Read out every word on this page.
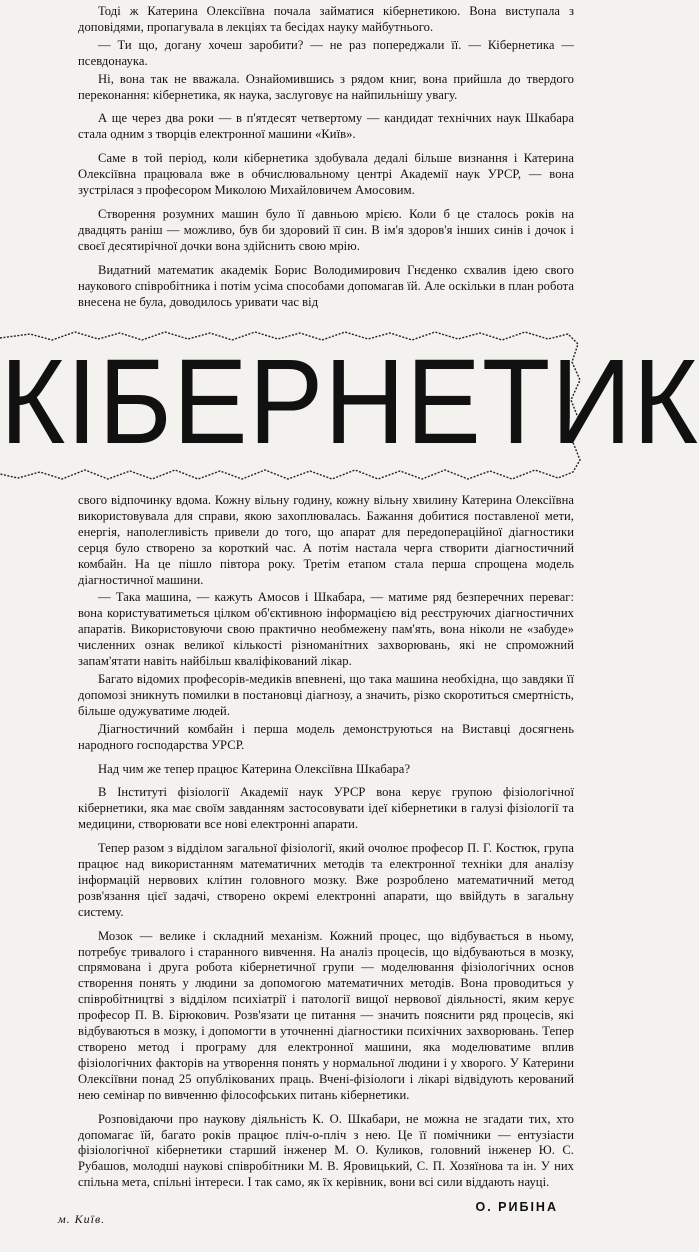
Тоді ж Катерина Олексіївна почала займатися кібернетикою. Вона виступала з доповідями, пропагувала в лекціях та бесідах науку майбутнього.

— Ти що, догану хочеш заробити? — не раз попереджали її. — Кібернетика — псевдонаука.

Ні, вона так не вважала. Ознайомившись з рядом книг, вона прийшла до твердого переконання: кібернетика, як наука, заслуговує на найпильнішу увагу.

А ще через два роки — в п'ятдесят четвертому — кандидат технічних наук Шкабара стала одним з творців електронної машини «Київ».

Саме в той період, коли кібернетика здобувала дедалі більше визнання і Катерина Олексіївна працювала вже в обчислювальному центрі Академії наук УРСР, — вона зустрілася з професором Миколою Михайловичем Амосовим.

Створення розумних машин було її давньою мрією. Коли б це сталось років на двадцять раніш — можливо, був би здоровий її син. В ім'я здоров'я інших синів і дочок і своєї десятирічної дочки вона здійснить свою мрію.

Видатний математик академік Борис Володимирович Гнєденко схвалив ідею свого наукового співробітника і потім усіма способами допомагав їй. Але оскільки в план робота внесена не була, доводилось уривати час від

КІБЕРНЕТИК

свого відпочинку вдома. Кожну вільну годину, кожну вільну хвилину Катерина Олексіївна використовувала для справи, якою захоплювалась. Бажання добитися поставленої мети, енергія, наполегливість привели до того, що апарат для передопераційної діагностики серця було створено за короткий час. А потім настала черга створити діагностичний комбайн. На це пішло півтора року. Третім етапом стала перша спрощена модель діагностичної машини.

— Така машина, — кажуть Амосов і Шкабара, — матиме ряд безперечних переваг: вона користуватиметься цілком об'єктивною інформацією від реєструючих діагностичних апаратів. Використовуючи свою практично необмежену пам'ять, вона ніколи не «забуде» численних ознак великої кількості різноманітних захворювань, які не спроможний запам'ятати навіть найбільш кваліфікований лікар.

Багато відомих професорів-медиків впевнені, що така машина необхідна, що завдяки її допомозі зникнуть помилки в постановці діагнозу, а значить, різко скоротиться смертність, більше одужуватиме людей.

Діагностичний комбайн і перша модель демонструються на Виставці досягнень народного господарства УРСР.

Над чим же тепер працює Катерина Олексіївна Шкабара?

В Інституті фізіології Академії наук УРСР вона керує групою фізіологічної кібернетики, яка має своїм завданням застосовувати ідеї кібернетики в галузі фізіології та медицини, створювати все нові електронні апарати.

Тепер разом з відділом загальної фізіології, який очолює професор П. Г. Костюк, група працює над використанням математичних методів та електронної техніки для аналізу інформацій нервових клітин головного мозку. Вже розроблено математичний метод розв'язання цієї задачі, створено окремі електронні апарати, що ввійдуть в загальну систему.

Мозок — велике і складний механізм. Кожний процес, що відбувається в ньому, потребує тривалого і старанного вивчення. На аналіз процесів, що відбуваються в мозку, спрямована і друга робота кібернетичної групи — моделювання фізіологічних основ створення понять у людини за допомогою математичних методів. Вона проводиться у співробітництві з відділом психіатрії і патології вищої нервової діяльності, яким керує професор П. В. Бірюкович. Розв'язати це питання — значить пояснити ряд процесів, які відбуваються в мозку, і допомогти в уточненні діагностики психічних захворювань. Тепер створено метод і програму для електронної машини, яка моделюватиме вплив фізіологічних факторів на утворення понять у нормальної людини і у хворого. У Катерини Олексіївни понад 25 опублікованих праць. Вчені-фізіологи і лікарі відвідують керований нею семінар по вивченню філософських питань кібернетики.

Розповідаючи про наукову діяльність К. О. Шкабари, не можна не згадати тих, хто допомагає їй, багато років працює пліч-о-пліч з нею. Це її помічники — ентузіасти фізіологічної кібернетики старший інженер М. О. Куликов, головний інженер Ю. С. Рубашов, молодші наукові співробітники М. В. Яровицький, С. П. Хозяїнова та ін. У них спільна мета, спільні інтереси. І так само, як їх керівник, вони всі сили віддають науці.

О. РИБІНА
м. Київ.
